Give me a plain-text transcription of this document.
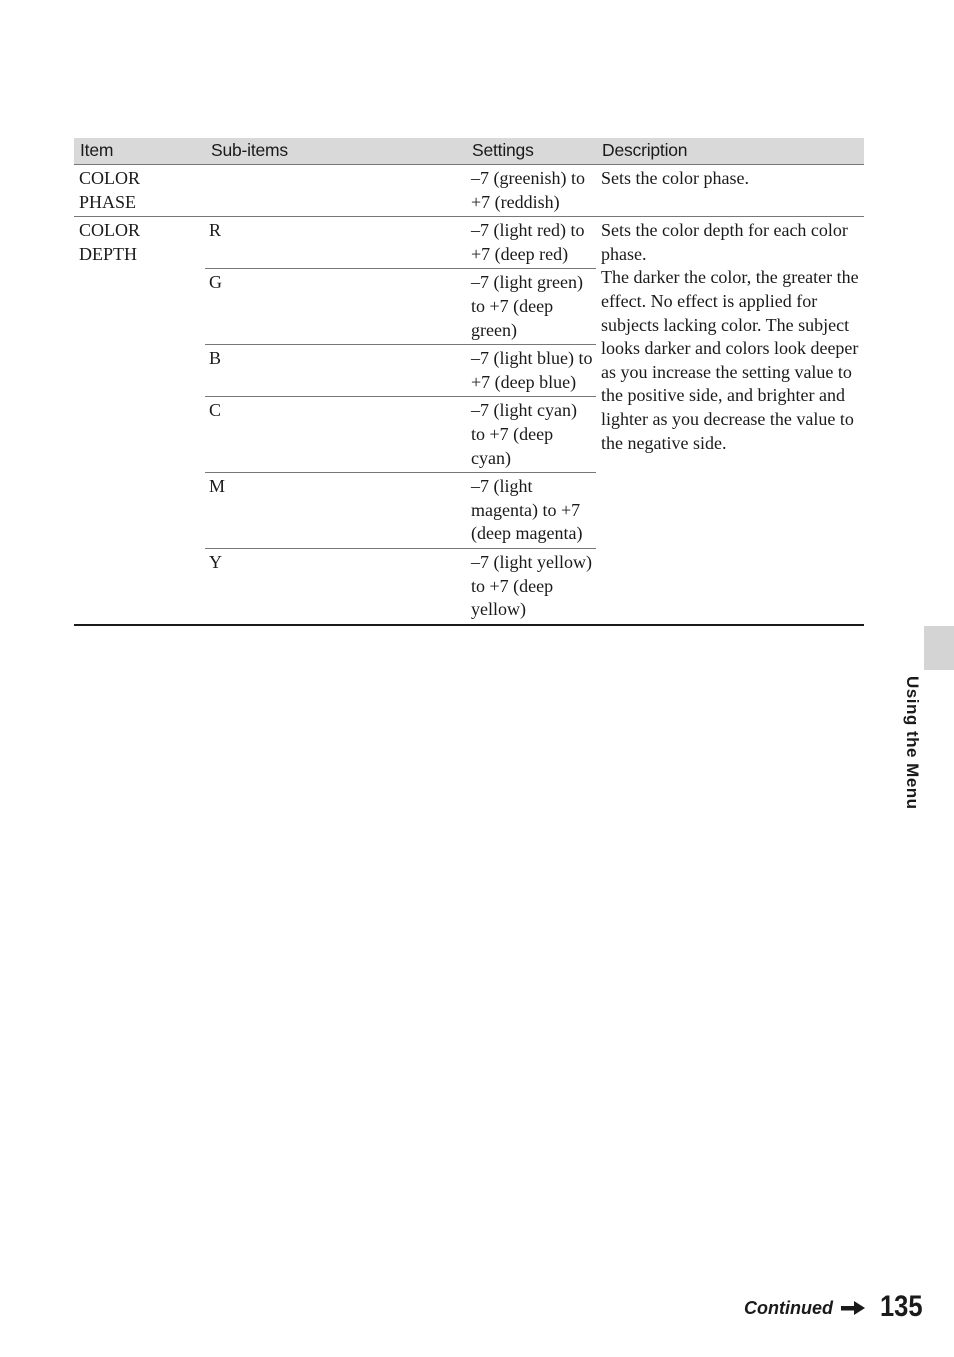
Item	Sub-items	Settings	Description
COLOR PHASE		–7 (greenish) to +7 (reddish)	Sets the color phase.
COLOR DEPTH	R	–7 (light red) to +7 (deep red)	Sets the color depth for each color phase.
The darker the color, the greater the effect. No effect is applied for subjects lacking color. The subject looks darker and colors look deeper as you increase the setting value to the positive side, and brighter and lighter as you decrease the value to the negative side.

	G	–7 (light green) to +7 (deep green)	
	B	–7 (light blue) to +7 (deep blue)	
	C	–7 (light cyan) to +7 (deep cyan)	
	M	–7 (light magenta) to +7 (deep magenta)	
	Y	–7 (light yellow) to +7 (deep yellow)	
Using the Menu
Continued 135
